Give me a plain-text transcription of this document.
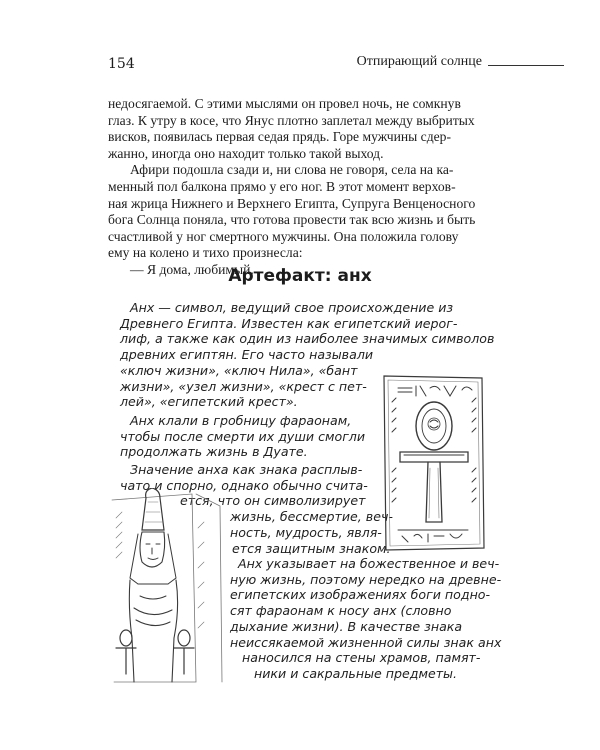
154	Отпирающий солнце

недосягаемой. С этими мыслями он провел ночь, не сомкнув

глаз. К утру в косе, что Янус плотно заплетал между выбритых

висков, появилась первая седая прядь. Горе мужчины сдер-

жанно, иногда оно находит только такой выход.

Афири подошла сзади и, ни слова не говоря, села на ка-

менный пол балкона прямо у его ног. В этот момент верхов-

ная жрица Нижнего и Верхнего Египта, Супруга Венценосного

бога Солнца поняла, что готова провести так всю жизнь и быть

счастливой у ног смертного мужчины. Она положила голову

ему на колено и тихо произнесла:

— Я дома, любимый.

Артефакт: анх
Анх — символ, ведущий свое происхождение из
Древнего Египта. Известен как египетский иерог-
лиф, а также как один из наиболее значимых символов
древних египтян. Его часто называли
«ключ жизни», «ключ Нила», «бант
жизни», «узел жизни», «крест с пет-
лей», «египетский крест».
Анх клали в гробницу фараонам,
чтобы после смерти их души смогли
продолжать жизнь в Дуате.
Значение анха как знака расплыв-
чато и спорно, однако обычно счита-
ется, что он символизирует
жизнь, бессмертие, веч-
ность, мудрость, явля-
ется защитным знаком.
Анх указывает на божественное и веч-
ную жизнь, поэтому нередко на древне-
египетских изображениях боги подно-
сят фараонам к носу анх (словно
дыхание жизни). В качестве знака
неиссякаемой жизненной силы знак анх
наносился на стены храмов, памят-
ники и сакральные предметы.
